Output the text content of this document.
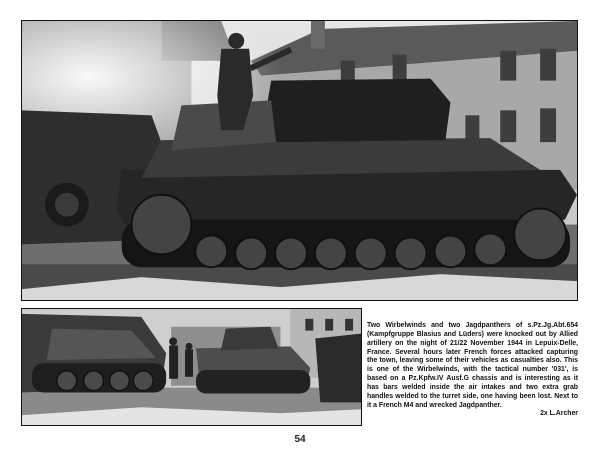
Two Wirbelwinds and two Jagdpanthers of s.Pz.Jg.Abt.654 (Kampfgruppe Blasius and Lüders) were knocked out by Allied artillery on the night of 21/22 November 1944 in Lepuix-Delle, France. Several hours later French forces attacked capturing the town, leaving some of their vehicles as casualties also. This is one of the Wirbelwinds, with the tactical number '031', is based on a Pz.Kpfw.IV Ausf.G chassis and is interesting as it has bars welded inside the air intakes and two extra grab handles welded to the turret side, one having been lost. Next to it a French M4 and wrecked Jagdpanther.
2x L.Archer
54
